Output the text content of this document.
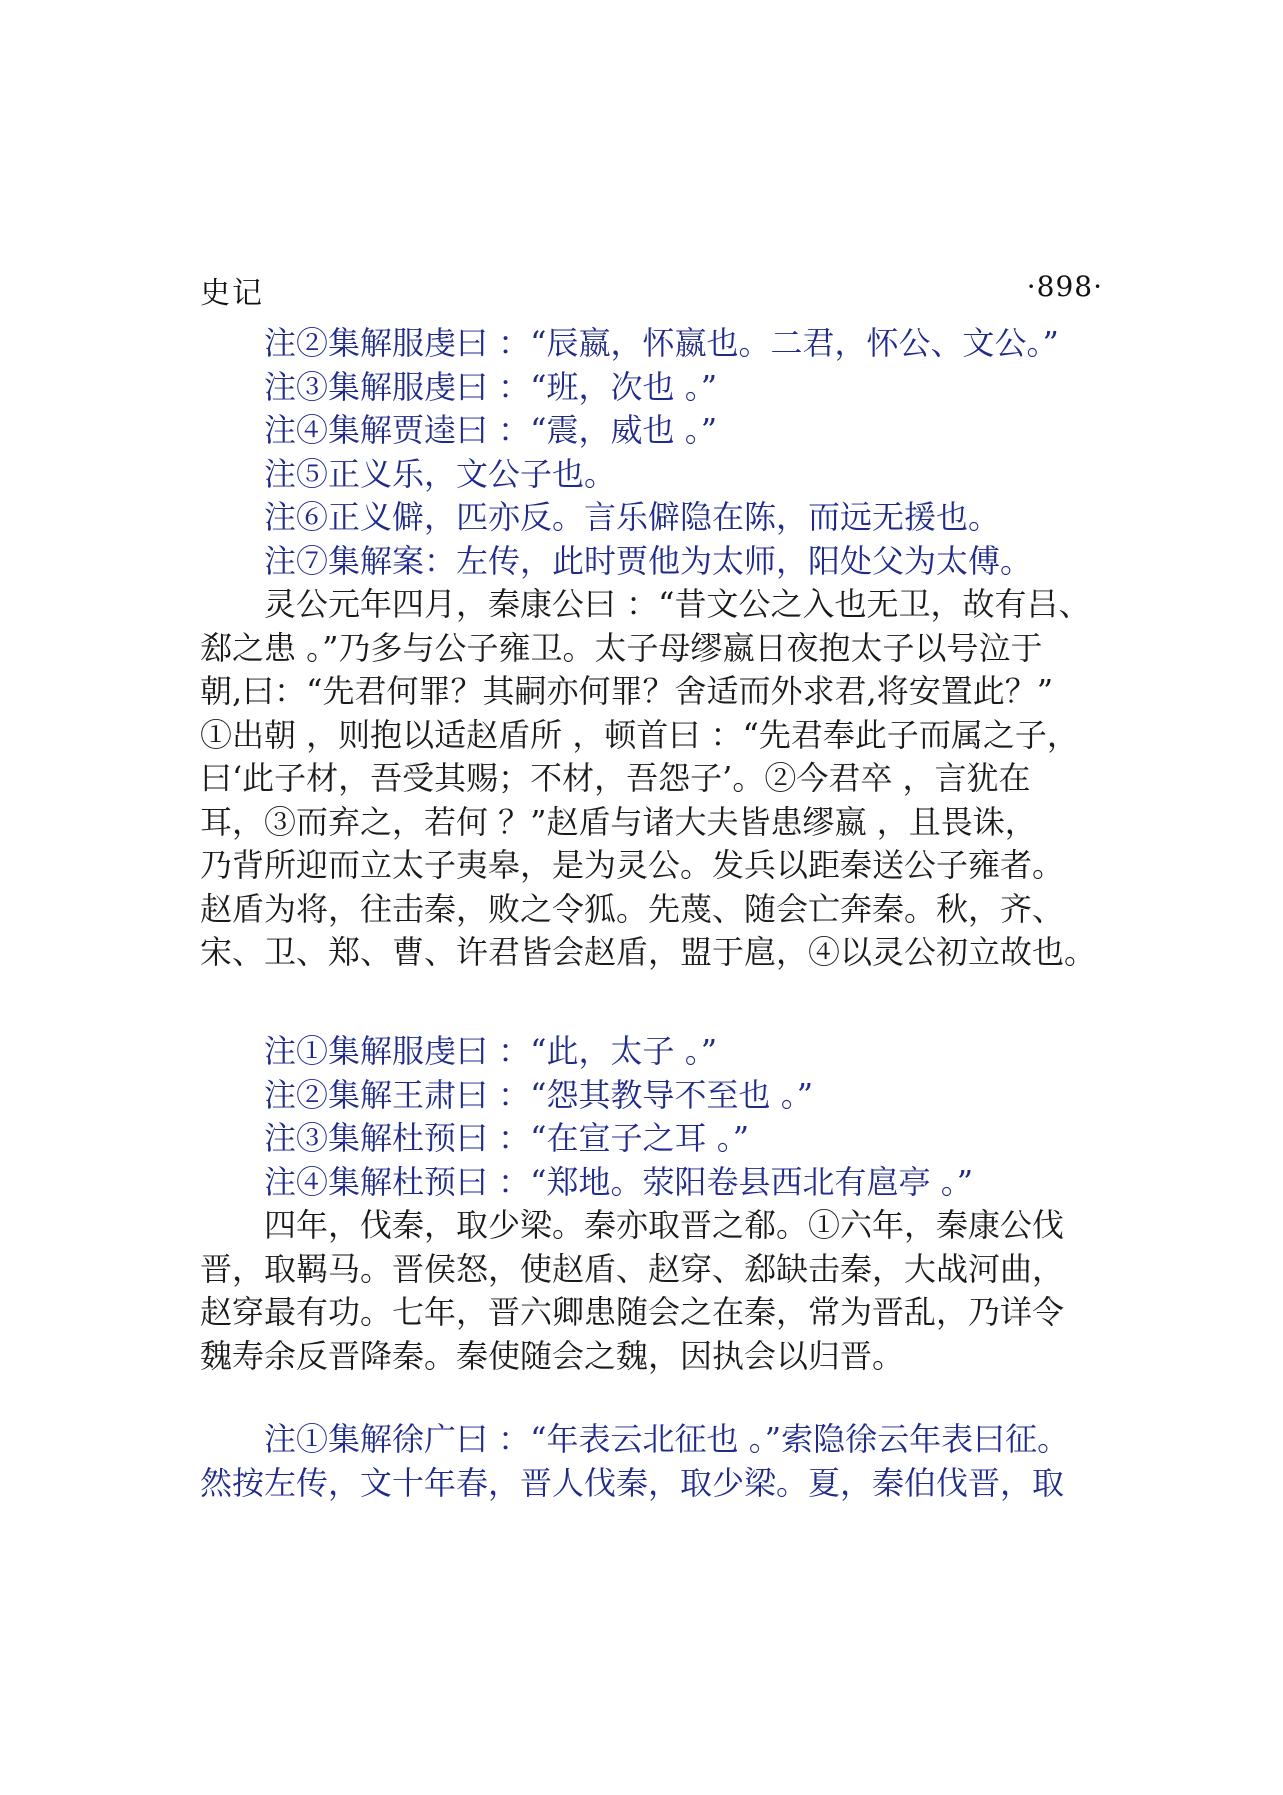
史记	·898·
注②集解服虔曰 ：“辰嬴，怀嬴也。二君，怀公、文公。”
注③集解服虔曰 ：“班，次也 。”
注④集解贾逵曰 ：“震，威也 。”
注⑤正义乐，文公子也。
注⑥正义僻，匹亦反。言乐僻隐在陈，而远无援也。
注⑦集解案：左传，此时贾他为太师，阳处父为太傅。
灵公元年四月，秦康公曰 ：“昔文公之入也无卫，故有吕、
郄之患 。”乃多与公子雍卫。太子母缪嬴日夜抱太子以号泣于
朝,曰：“先君何罪？其嗣亦何罪？舍适而外求君,将安置此？”
①出朝 ，则抱以适赵盾所 ，顿首曰 ：“先君奉此子而属之子，
曰‘此子材，吾受其赐；不材，吾怨子’。②今君卒 ，言犹在
耳，③而弃之，若何 ？”赵盾与诸大夫皆患缪嬴 ，且畏诛，
乃背所迎而立太子夷皋，是为灵公。发兵以距秦送公子雍者。
赵盾为将，往击秦，败之令狐。先蔑、随会亡奔秦。秋，齐、
宋、卫、郑、曹、许君皆会赵盾，盟于扈，④以灵公初立故也。
注①集解服虔曰 ：“此，太子 。”
注②集解王肃曰 ：“怨其教导不至也 。”
注③集解杜预曰 ：“在宣子之耳 。”
注④集解杜预曰 ：“郑地。荥阳卷县西北有扈亭 。”
四年，伐秦，取少梁。秦亦取晋之郩。①六年，秦康公伐
晋，取羁马。晋侯怒，使赵盾、赵穿、郄缺击秦，大战河曲，
赵穿最有功。七年，晋六卿患随会之在秦，常为晋乱，乃详令
魏寿余反晋降秦。秦使随会之魏，因执会以归晋。
注①集解徐广曰 ：“年表云北征也 。”索隐徐云年表曰征。
然按左传，文十年春，晋人伐秦，取少梁。夏，秦伯伐晋，取
